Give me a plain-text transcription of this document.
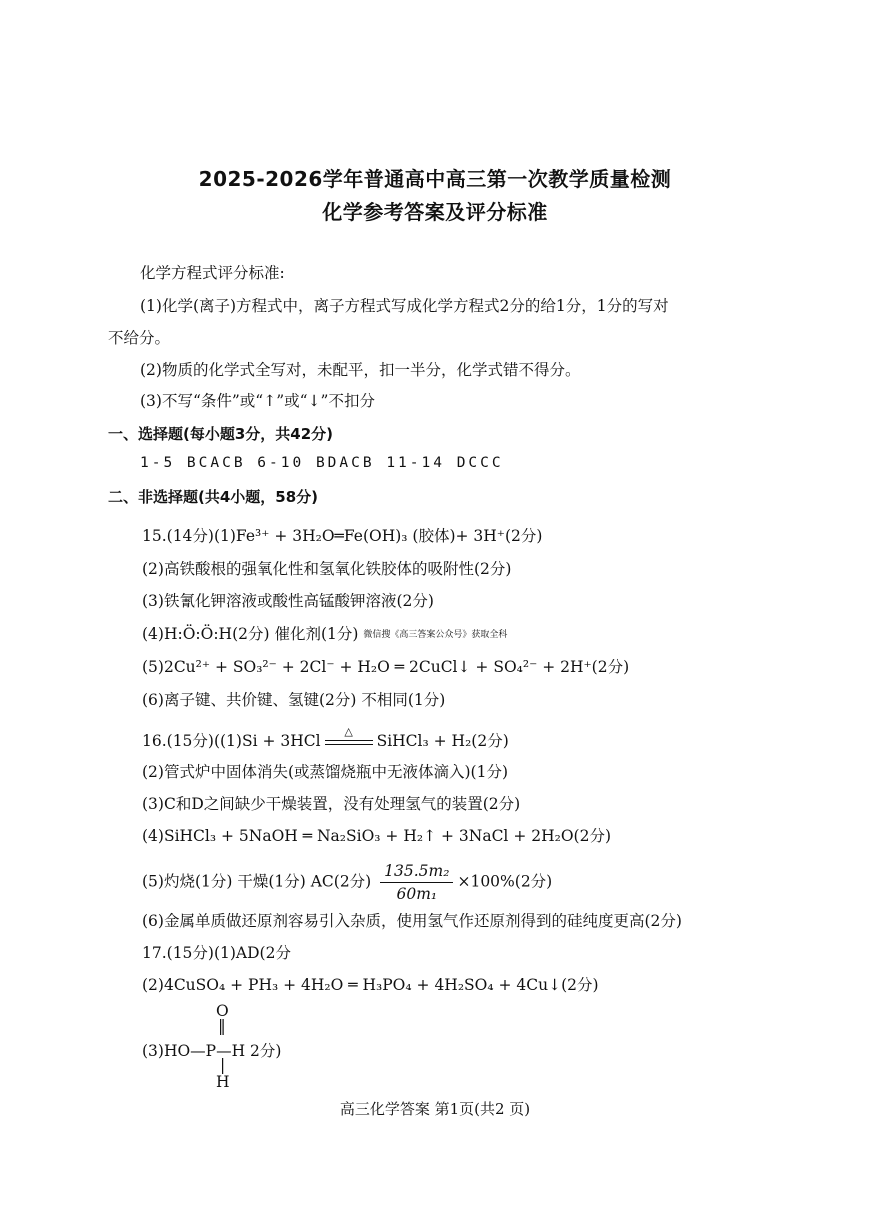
2025-2026学年普通高中高三第一次教学质量检测
化学参考答案及评分标准
化学方程式评分标准:
(1)化学(离子)方程式中，离子方程式写成化学方程式2分的给1分，1分的写对
不给分。
(2)物质的化学式全写对，未配平，扣一半分，化学式错不得分。
(3)不写“条件”或“↑”或“↓”不扣分
一、选择题(每小题3分，共42分)
1-5 BCACB 6-10 BDACB 11-14 DCCC
二、非选择题(共4小题，58分)
15.(14分)(1)Fe³⁺ + 3H₂O═Fe(OH)₃ (胶体)+ 3H⁺(2分)
(2)高铁酸根的强氧化性和氢氧化铁胶体的吸附性(2分)
(3)铁氰化钾溶液或酸性高锰酸钾溶液(2分)
(4)H:Ö:Ö:H(2分) 催化剂(1分) 微信搜《高三答案公众号》获取全科
(5)2Cu²⁺ + SO₃²⁻ + 2Cl⁻ + H₂O ═ 2CuCl↓ + SO₄²⁻ + 2H⁺(2分)
(6)离子键、共价键、氢键(2分) 不相同(1分)
16.(15分)((1)Si + 3HCl
△
SiHCl₃ + H₂(2分)
(2)管式炉中固体消失(或蒸馏烧瓶中无液体滴入)(1分)
(3)C和D之间缺少干燥装置，没有处理氢气的装置(2分)
(4)SiHCl₃ + 5NaOH ═ Na₂SiO₃ + H₂↑ + 3NaCl + 2H₂O(2分)
(5)灼烧(1分) 干燥(1分) AC(2分) $\frac{\text{135.5m₂}}{\text{60m₁}} \times 100\%(2$分)
(6)金属单质做还原剂容易引入杂质，使用氢气作还原剂得到的硅纯度更高(2分)
17.(15分)(1)AD(2分
(2)4CuSO₄ + PH₃ + 4H₂O ═ H₃PO₄ + 4H₂SO₄ + 4Cu↓(2分)
O
‖
(3)HO—P—H 2分)
|
H
高三化学答案 第1页(共2 页)
